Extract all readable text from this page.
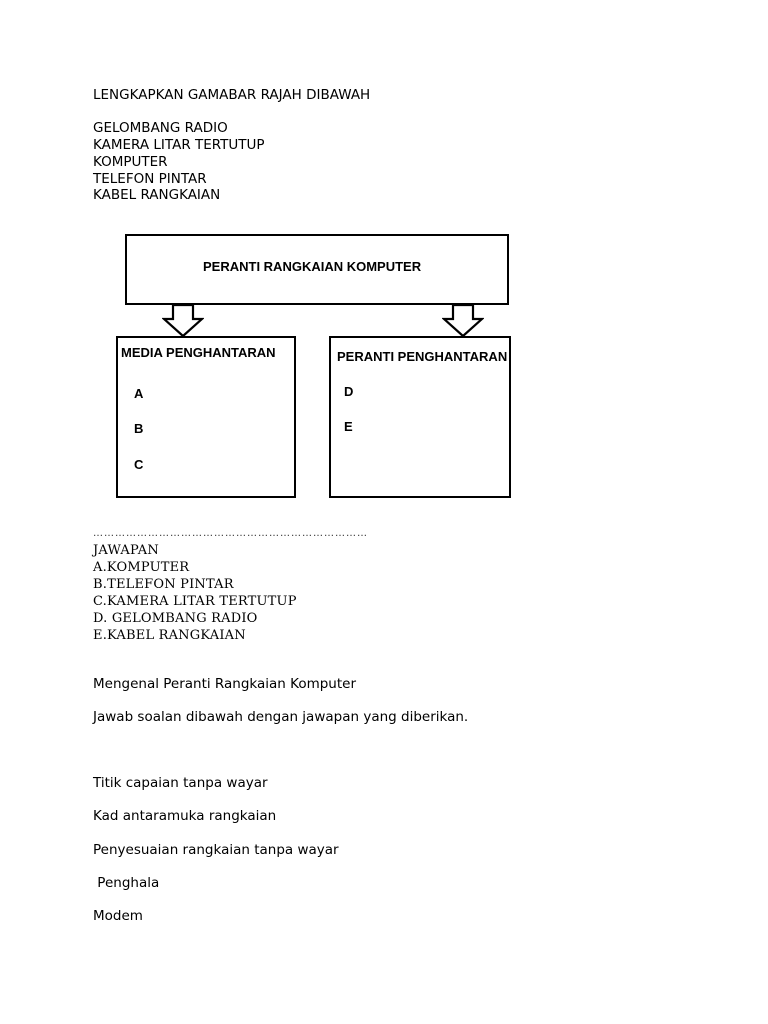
LENGKAPKAN GAMABAR RAJAH DIBAWAH
GELOMBANG RADIO
KAMERA LITAR TERTUTUP
KOMPUTER
TELEFON PINTAR
KABEL RANGKAIAN
PERANTI RANGKAIAN KOMPUTER
MEDIA PENGHANTARAN
A
B
C
PERANTI PENGHANTARAN
D
E
…………………………………………………………………
JAWAPAN
A.KOMPUTER
B.TELEFON PINTAR
C.KAMERA LITAR TERTUTUP
D. GELOMBANG RADIO
E.KABEL RANGKAIAN
Mengenal Peranti Rangkaian Komputer
Jawab soalan dibawah dengan jawapan yang diberikan.
Titik capaian tanpa wayar
Kad antaramuka rangkaian
Penyesuaian rangkaian tanpa wayar
Penghala
Modem
